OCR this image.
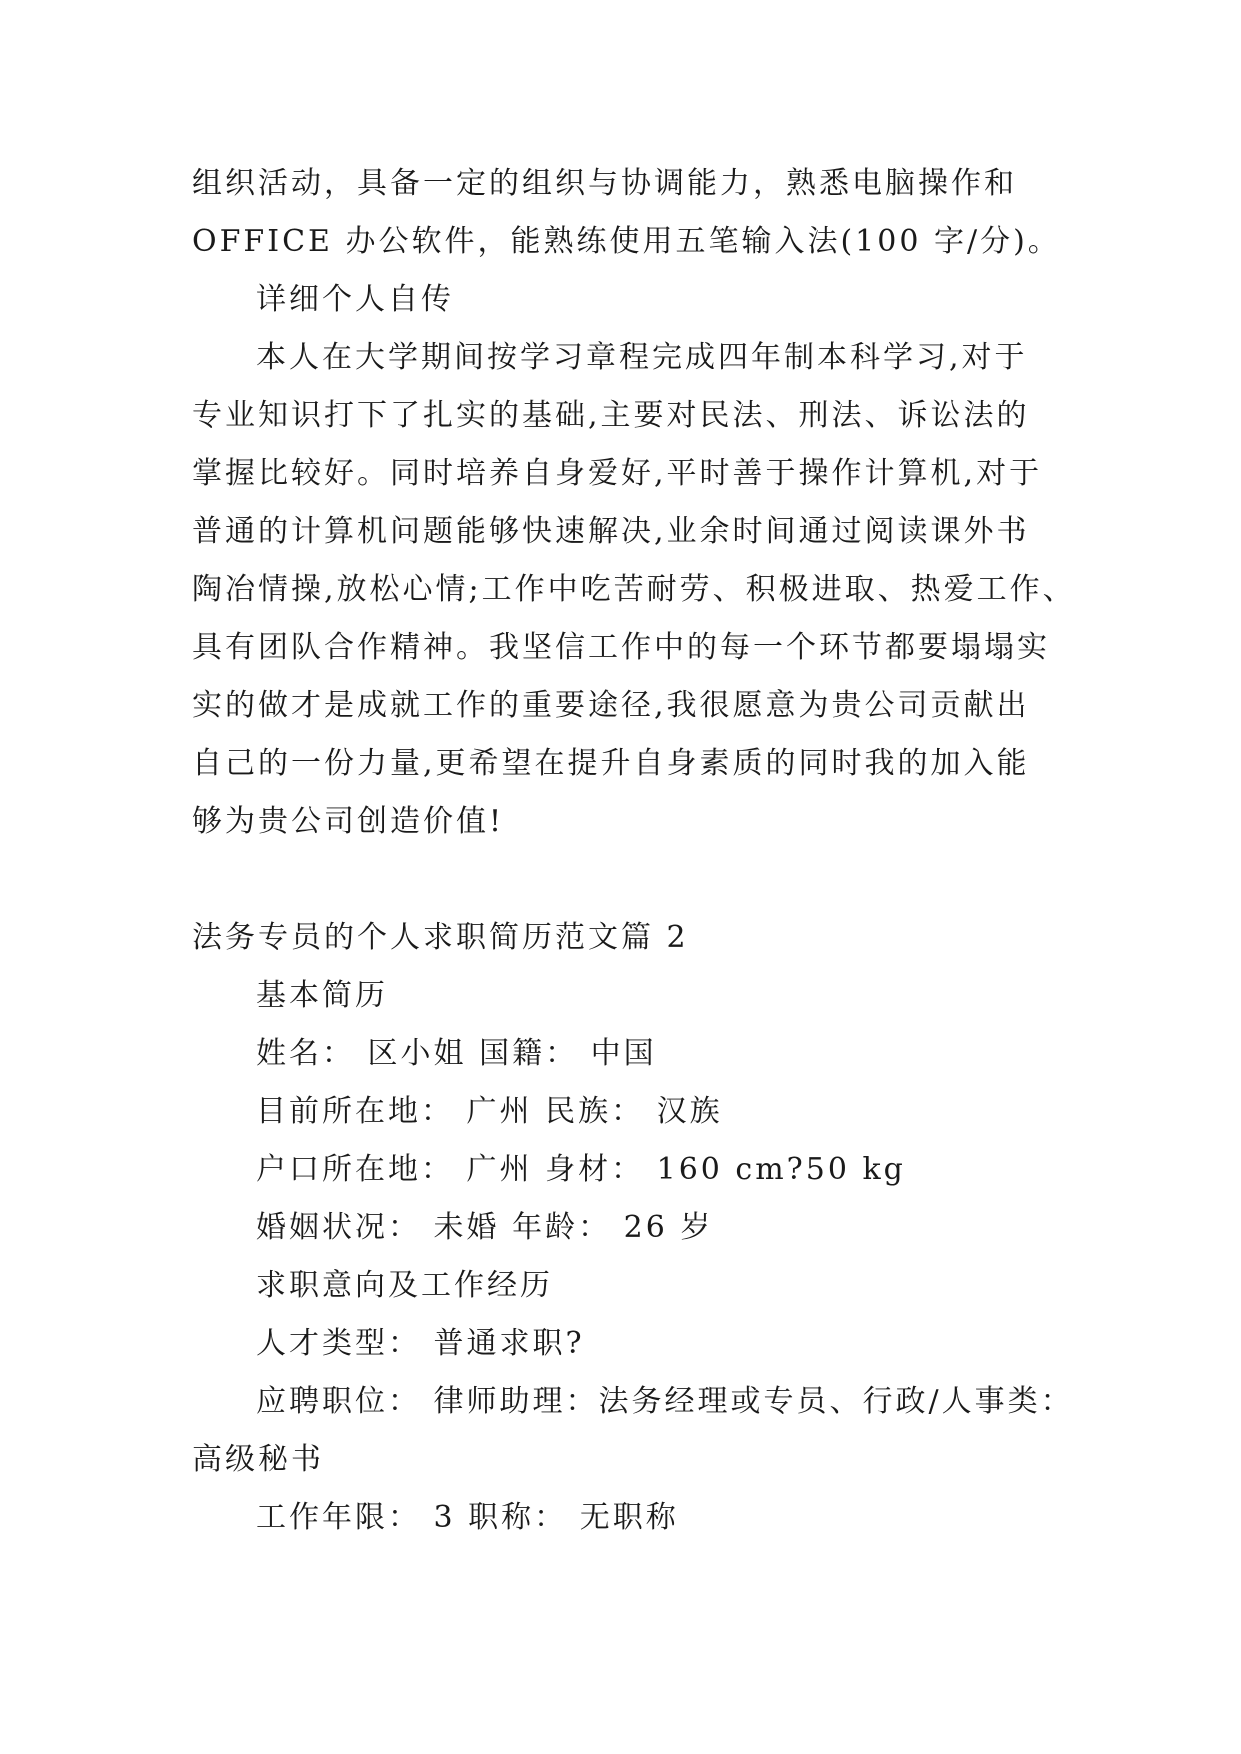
组织活动，具备一定的组织与协调能力，熟悉电脑操作和
OFFICE 办公软件，能熟练使用五笔输入法(100 字/分)。
详细个人自传
本人在大学期间按学习章程完成四年制本科学习,对于
专业知识打下了扎实的基础,主要对民法、刑法、诉讼法的
掌握比较好。同时培养自身爱好,平时善于操作计算机,对于
普通的计算机问题能够快速解决,业余时间通过阅读课外书
陶冶情操,放松心情;工作中吃苦耐劳、积极进取、热爱工作、
具有团队合作精神。我坚信工作中的每一个环节都要塌塌实
实的做才是成就工作的重要途径,我很愿意为贵公司贡献出
自己的一份力量,更希望在提升自身素质的同时我的加入能
够为贵公司创造价值!
法务专员的个人求职简历范文篇 2
基本简历
姓名： 区小姐 国籍： 中国
目前所在地： 广州 民族： 汉族
户口所在地： 广州 身材： 160 cm?50 kg
婚姻状况： 未婚 年龄： 26 岁
求职意向及工作经历
人才类型： 普通求职?
应聘职位： 律师助理：法务经理或专员、行政/人事类：
高级秘书
工作年限： 3 职称： 无职称
